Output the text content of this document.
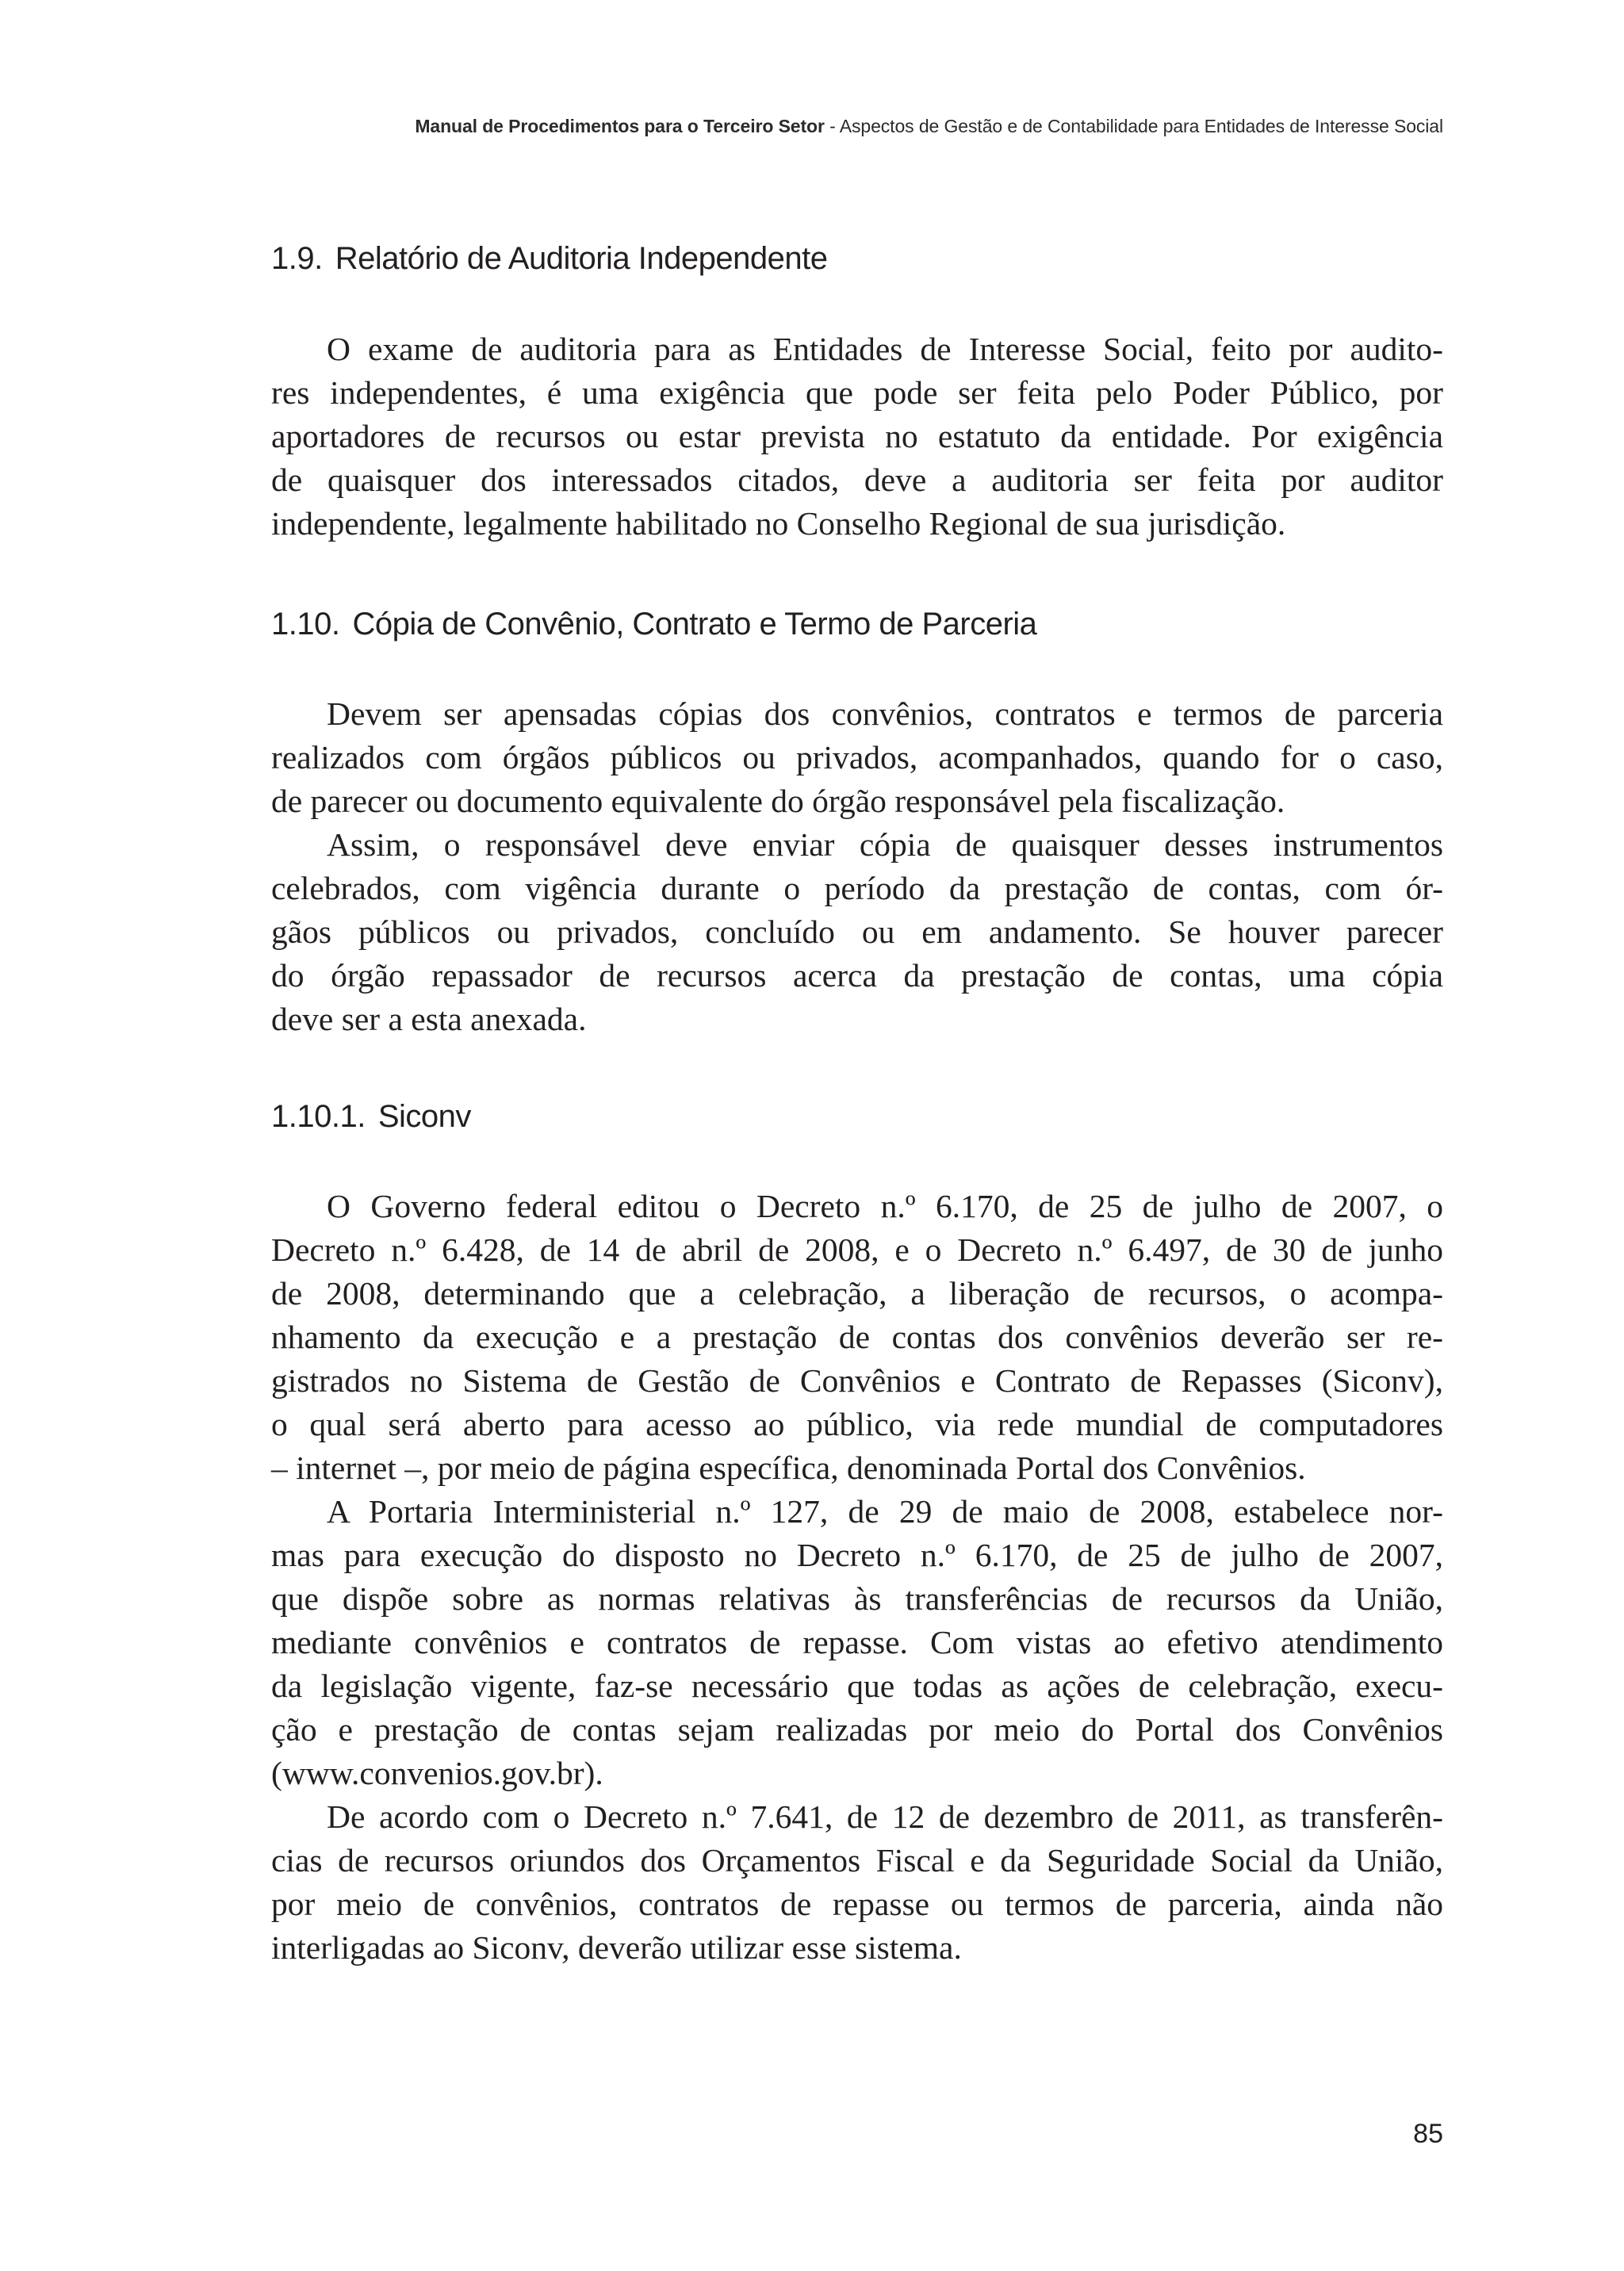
Manual de Procedimentos para o Terceiro Setor - Aspectos de Gestão e de Contabilidade para Entidades de Interesse Social
1.9. Relatório de Auditoria Independente
O exame de auditoria para as Entidades de Interesse Social, feito por audito-
res independentes, é uma exigência que pode ser feita pelo Poder Público, por
aportadores de recursos ou estar prevista no estatuto da entidade. Por exigência
de quaisquer dos interessados citados, deve a auditoria ser feita por auditor
independente, legalmente habilitado no Conselho Regional de sua jurisdição.
1.10. Cópia de Convênio, Contrato e Termo de Parceria
Devem ser apensadas cópias dos convênios, contratos e termos de parceria
realizados com órgãos públicos ou privados, acompanhados, quando for o caso,
de parecer ou documento equivalente do órgão responsável pela fiscalização.
Assim, o responsável deve enviar cópia de quaisquer desses instrumentos
celebrados, com vigência durante o período da prestação de contas, com ór-
gãos públicos ou privados, concluído ou em andamento. Se houver parecer
do órgão repassador de recursos acerca da prestação de contas, uma cópia
deve ser a esta anexada.
1.10.1. Siconv
O Governo federal editou o Decreto n.º 6.170, de 25 de julho de 2007, o
Decreto n.º 6.428, de 14 de abril de 2008, e o Decreto n.º 6.497, de 30 de junho
de 2008, determinando que a celebração, a liberação de recursos, o acompa-
nhamento da execução e a prestação de contas dos convênios deverão ser re-
gistrados no Sistema de Gestão de Convênios e Contrato de Repasses (Siconv),
o qual será aberto para acesso ao público, via rede mundial de computadores
– internet –, por meio de página específica, denominada Portal dos Convênios.
A Portaria Interministerial n.º 127, de 29 de maio de 2008, estabelece nor-
mas para execução do disposto no Decreto n.º 6.170, de 25 de julho de 2007,
que dispõe sobre as normas relativas às transferências de recursos da União,
mediante convênios e contratos de repasse. Com vistas ao efetivo atendimento
da legislação vigente, faz-se necessário que todas as ações de celebração, execu-
ção e prestação de contas sejam realizadas por meio do Portal dos Convênios
(www.convenios.gov.br).
De acordo com o Decreto n.º 7.641, de 12 de dezembro de 2011, as transferên-
cias de recursos oriundos dos Orçamentos Fiscal e da Seguridade Social da União,
por meio de convênios, contratos de repasse ou termos de parceria, ainda não
interligadas ao Siconv, deverão utilizar esse sistema.
85
